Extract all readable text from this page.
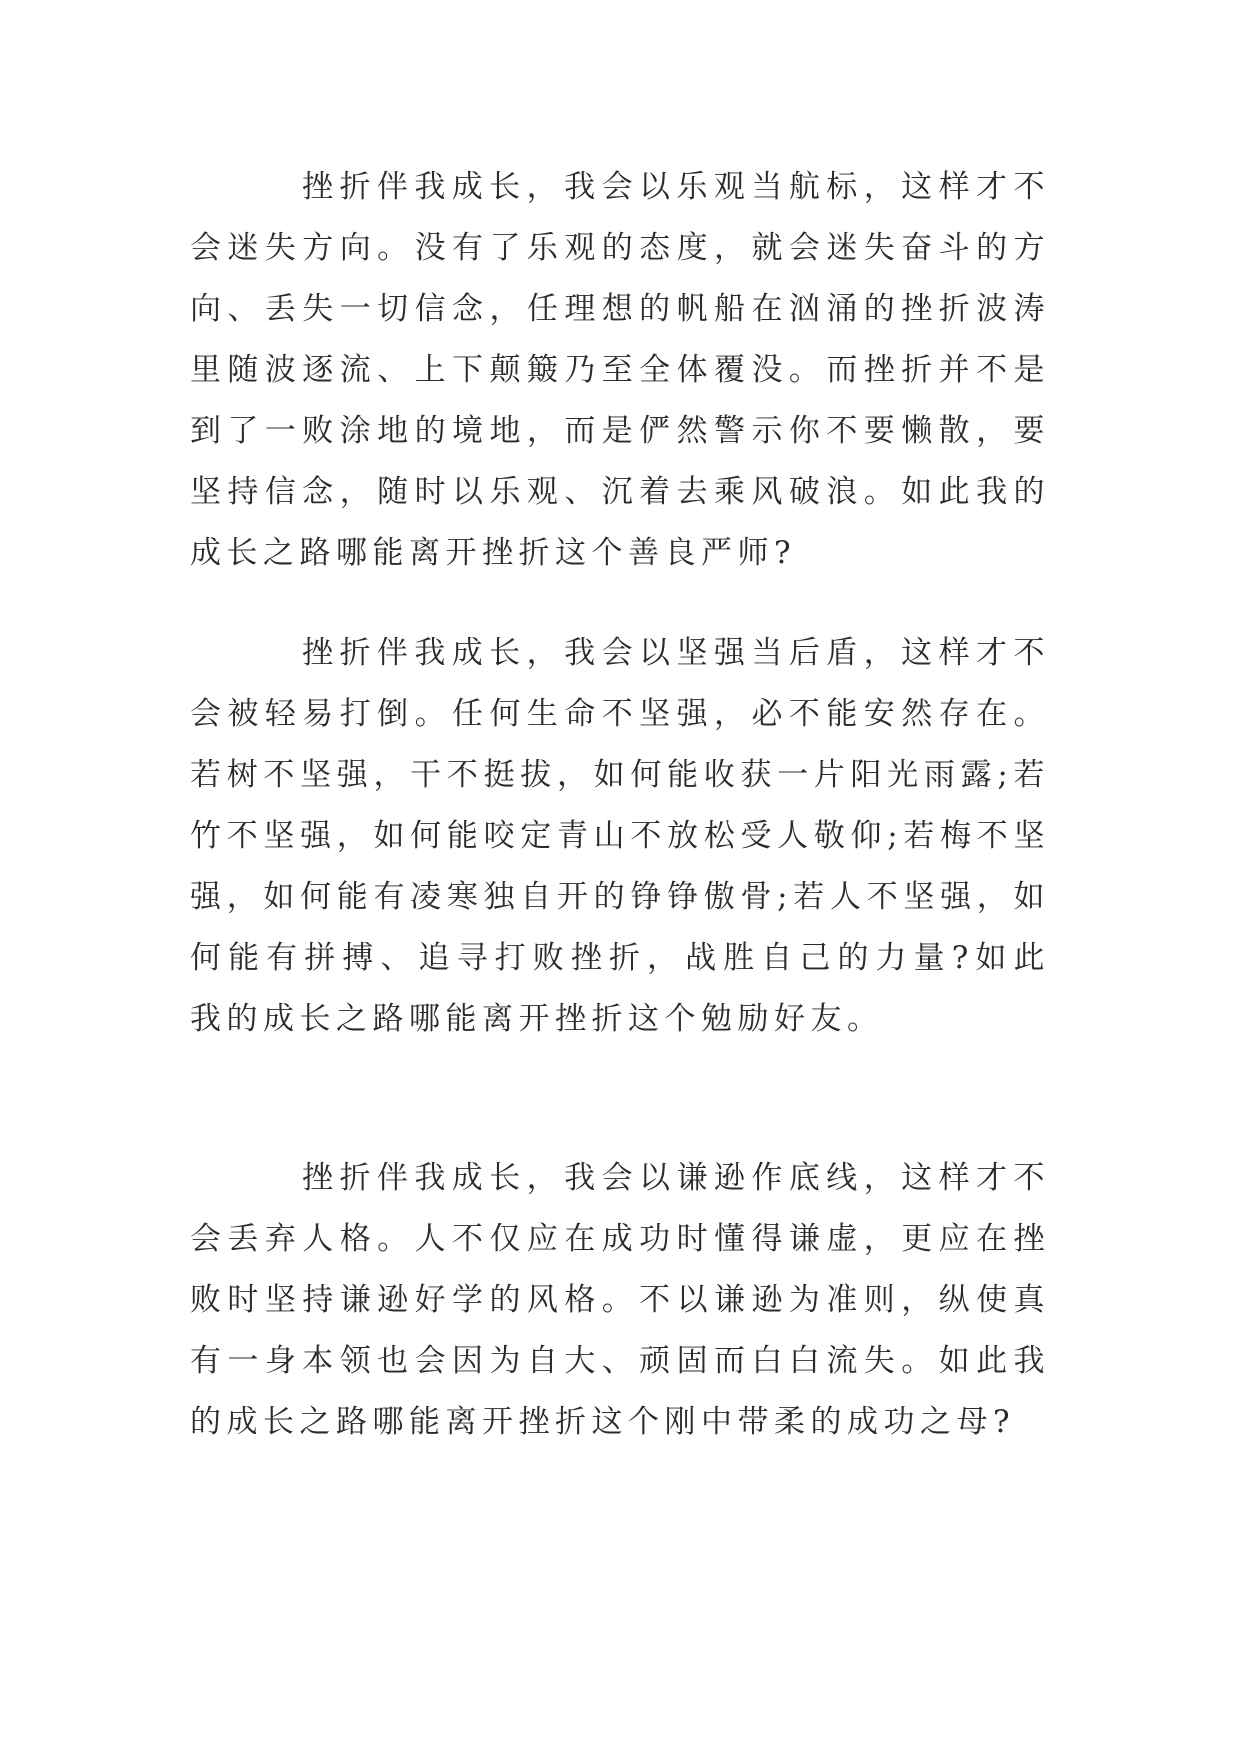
挫折伴我成长，我会以乐观当航标，这样才不会迷失方向。没有了乐观的态度，就会迷失奋斗的方向、丢失一切信念，任理想的帆船在汹涌的挫折波涛里随波逐流、上下颠簸乃至全体覆没。而挫折并不是到了一败涂地的境地，而是俨然警示你不要懒散，要坚持信念，随时以乐观、沉着去乘风破浪。如此我的成长之路哪能离开挫折这个善良严师?

挫折伴我成长，我会以坚强当后盾，这样才不会被轻易打倒。任何生命不坚强，必不能安然存在。若树不坚强，干不挺拔，如何能收获一片阳光雨露;若竹不坚强，如何能咬定青山不放松受人敬仰;若梅不坚强，如何能有凌寒独自开的铮铮傲骨;若人不坚强，如何能有拼搏、追寻打败挫折，战胜自己的力量?如此我的成长之路哪能离开挫折这个勉励好友。

挫折伴我成长，我会以谦逊作底线，这样才不会丢弃人格。人不仅应在成功时懂得谦虚，更应在挫败时坚持谦逊好学的风格。不以谦逊为准则，纵使真有一身本领也会因为自大、顽固而白白流失。如此我的成长之路哪能离开挫折这个刚中带柔的成功之母?
